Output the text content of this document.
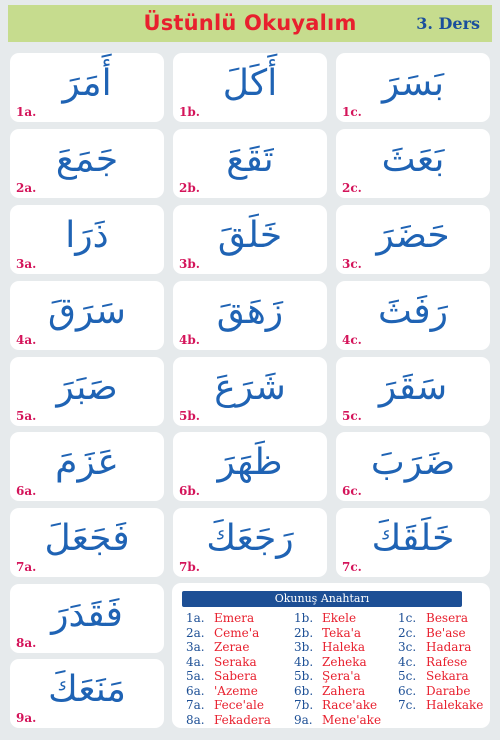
Üstünlü Okuyalım	3. Ders
أَمَرَ
1a.
أَكَلَ
1b.
بَسَرَ
1c.
جَمَعَ
2a.
تَقَعَ
2b.
بَعَثَ
2c.
ذَرَا
3a.
خَلَقَ
3b.
حَضَرَ
3c.
سَرَقَ
4a.
زَهَقَ
4b.
رَفَثَ
4c.
صَبَرَ
5a.
شَرَعَ
5b.
سَقَرَ
5c.
عَزَمَ
6a.
ظَهَرَ
6b.
ضَرَبَ
6c.
فَجَعَلَ
7a.
رَجَعَكَ
7b.
خَلَقَكَ
7c.
فَقَدَرَ
8a.
مَنَعَكَ
9a.
Okunuş Anahtarı
1a. Emera
2a. Ceme'a
3a. Zerae
4a. Seraka
5a. Sabera
6a. 'Azeme
7a. Fece'ale
8a. Fekadera
1b. Ekele
2b. Teka'a
3b. Haleka
4b. Zeheka
5b. Şera'a
6b. Zahera
7b. Race'ake
9a. Mene'ake
1c. Besera
2c. Be'ase
3c. Hadara
4c. Rafese
5c. Sekara
6c. Darabe
7c. Halekake
